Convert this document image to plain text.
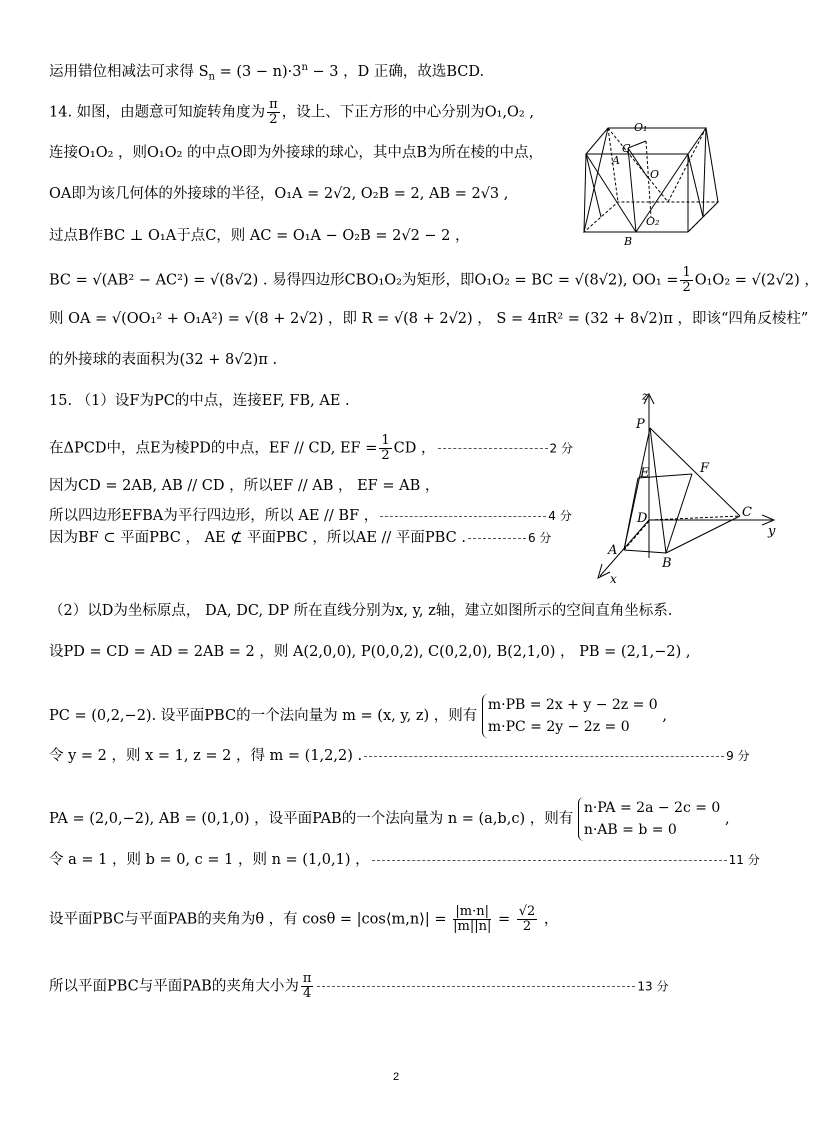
运用错位相减法可求得 $S_n = (3 - n)\cdot 3^n - 3$ ，D 正确，故选BCD.
14. 如图，由题意可知旋转角度为 $\frac{\pi}{2}$ ，设上、下正方形的中心分别为O₁,O₂ ,
连接O₁O₂ ，则O₁O₂ 的中点O即为外接球的球心，其中点B为所在棱的中点，
OA即为该几何体的外接球的半径，O₁A = 2√2, O₂B = 2, AB = 2√3 ,
过点B作BC ⊥ O₁A于点C，则 AC = O₁A − O₂B = 2√2 − 2 ，
BC = √(AB² − AC²) = √(8√2) . 易得四边形CBO₁O₂为矩形，即O₁O₂ = BC = √(8√2), $OO_1 = \frac{1}{2} O_1O_2 = √(2√2)$ ，
则 OA = √(OO₁² + O₁A²) = √(8 + 2√2) ，即 R = √(8 + 2√2) ， S = 4πR² = (32 + 8√2)π ，即该“四角反棱柱”
的外接球的表面积为(32 + 8√2)π .
O₁
C
A
O
O₂
B
15. （1）设F为PC的中点，连接EF, FB, AE .
在ΔPCD中，点E为棱PD的中点，EF // CD, EF = $\frac{1}{2}$ CD ，	2 分
因为CD = 2AB, AB // CD ，所以EF // AB ， EF = AB ，
所以四边形EFBA为平行四边形，所以 AE // BF ，	4 分
因为BF ⊂ 平面PBC ， AE ⊄ 平面PBC ，所以AE // 平面PBC .	6 分
z
P
F
E
D	C
y
A
B
x
（2）以D为坐标原点， DA, DC, DP 所在直线分别为x, y, z轴，建立如图所示的空间直角坐标系.
设PD = CD = AD = 2AB = 2 ，则 A(2,0,0), P(0,0,2), C(0,2,0), B(2,1,0) ， PB = (2,1,−2) ,
PC = (0,2,−2). 设平面PBC的一个法向量为 m = (x, y, z) ，则有
m·PB = 2x + y − 2z = 0
m·PC = 2y − 2z = 0
,
令 y = 2 ，则 x = 1, z = 2 ，得 m = (1,2,2) .	9 分
PA = (2,0,−2), AB = (0,1,0) ，设平面PAB的一个法向量为 n = (a,b,c) ，则有
n·PA = 2a − 2c = 0
n·AB = b = 0
,
令 a = 1 ，则 b = 0, c = 1 ，则 n = (1,0,1) ，	11 分
设平面PBC与平面PAB的夹角为θ ，有 cosθ = |cos⟨m,n⟩| = $\frac{|m\cdot n|}{|m||n|} = \frac{√2}{2}$ ，
所以平面PBC与平面PAB的夹角大小为 $\frac{\pi}{4}$	13 分
2
